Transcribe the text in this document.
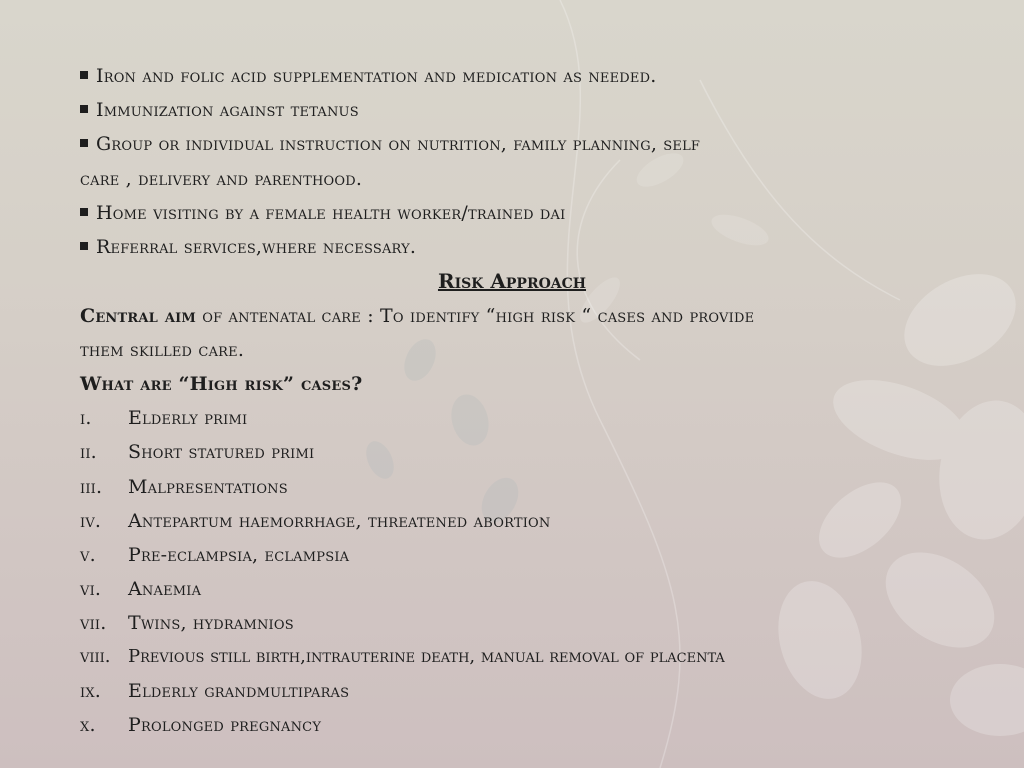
Iron and folic acid supplementation and medication as needed.
Immunization against tetanus
Group or individual instruction on nutrition, family planning, self
care , delivery and parenthood.
Home visiting by a female health worker/trained dai
Referral services,where necessary.
Risk Approach
Central aim of antenatal care : To identify “high risk “ cases and provide
them skilled care.
What are “High risk” cases?
i. Elderly primi
ii. Short statured primi
iii. Malpresentations
iv. Antepartum haemorrhage, threatened abortion
v. Pre-eclampsia, eclampsia
vi. Anaemia
vii. Twins, hydramnios
viii. Previous still birth,intrauterine death, manual removal of placenta
ix. Elderly grandmultiparas
x. Prolonged pregnancy
